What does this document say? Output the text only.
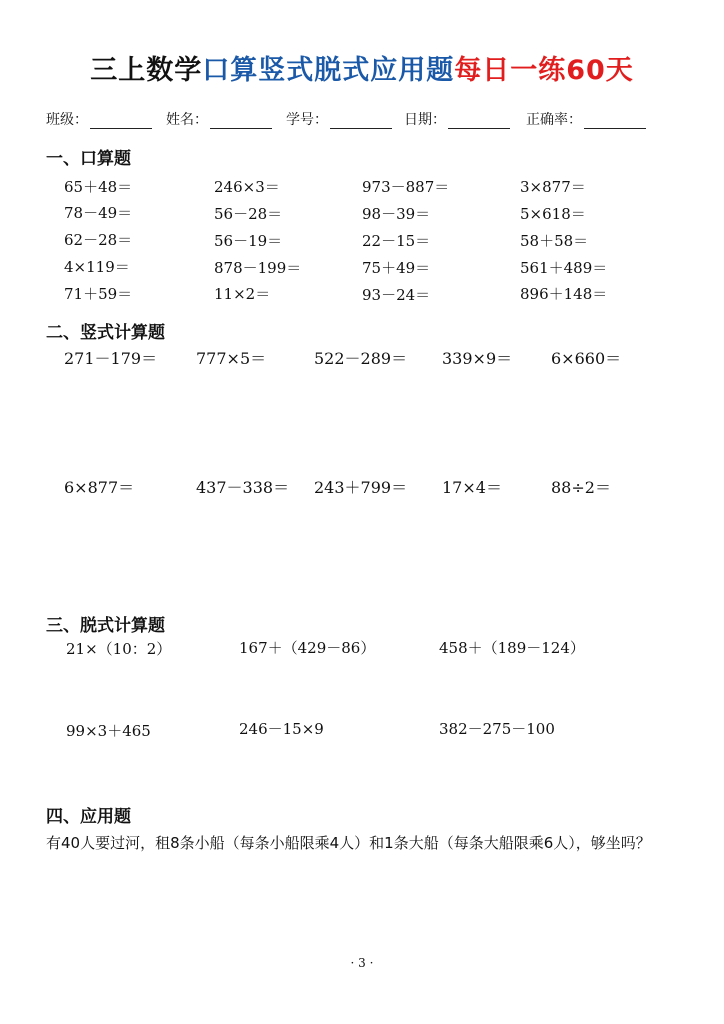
三上数学口算竖式脱式应用题每日一练60天
班级：	姓名：	学号：	日期：	正确率：
一、口算题
65＋48＝	246×3＝	973－887＝	3×877＝
78－49＝	56－28＝	98－39＝	5×618＝
62－28＝	56－19＝	22－15＝	58＋58＝
4×119＝	878－199＝	75＋49＝	561＋489＝
71＋59＝	11×2＝	93－24＝	896＋148＝
二、竖式计算题
271－179＝ 777×5＝	522－289＝ 339×9＝ 6×660＝
6×877＝	437－338＝ 243＋799＝ 17×4＝	88÷2＝
三、脱式计算题
21×（10：2）	167＋（429－86）	458＋（189－124）
99×3＋465	246－15×9	382－275－100
四、应用题
有40人要过河，租8条小船（每条小船限乘4人）和1条大船（每条大船限乘6人），够坐吗？
· 3 ·
